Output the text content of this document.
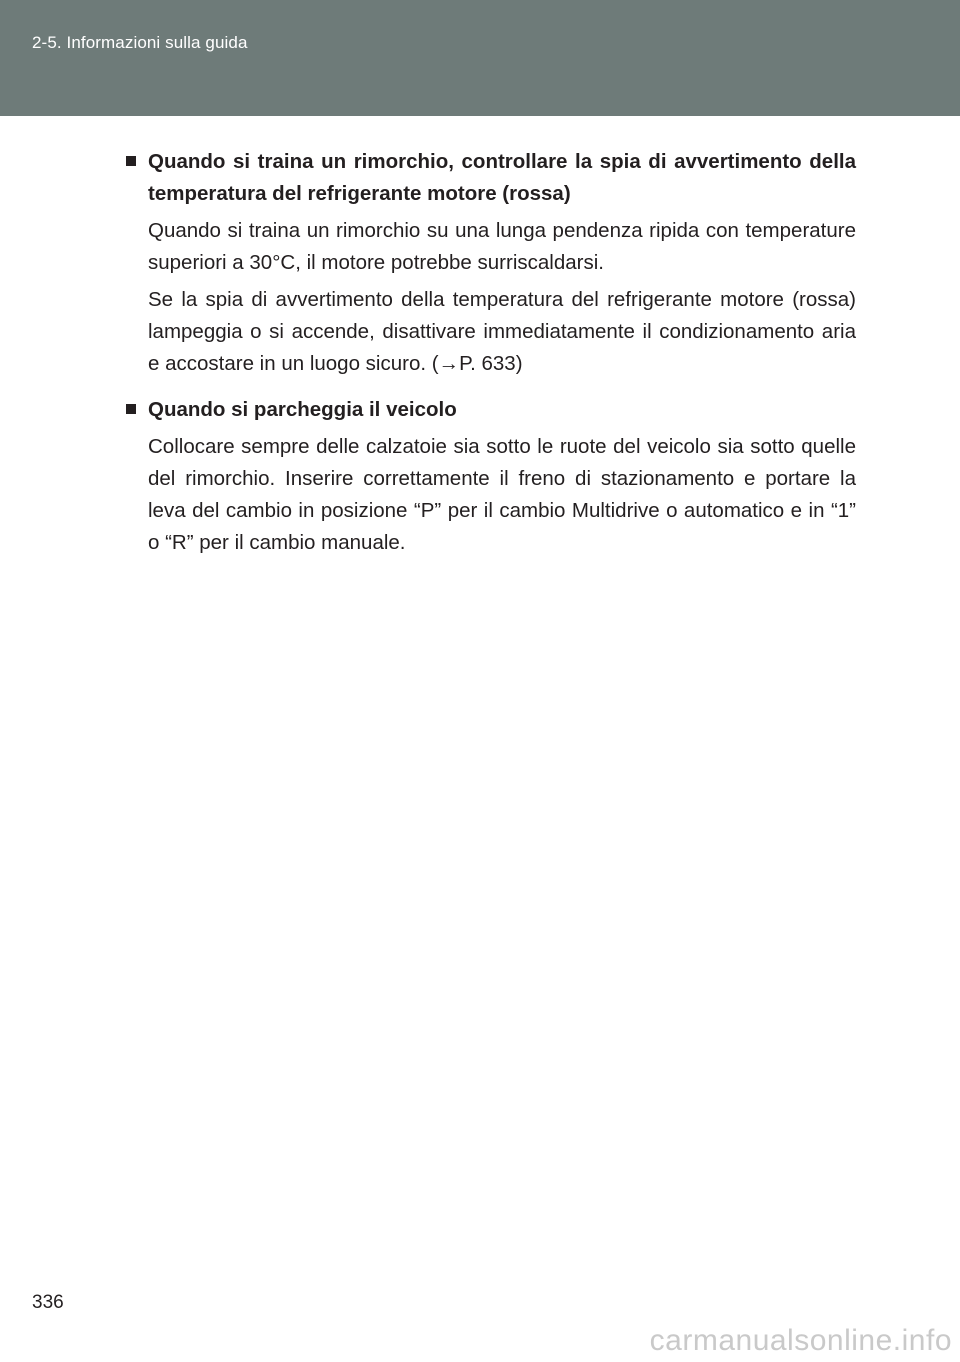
2-5. Informazioni sulla guida
Quando si traina un rimorchio, controllare la spia di avvertimento della temperatura del refrigerante motore (rossa)
Quando si traina un rimorchio su una lunga pendenza ripida con temperature superiori a 30°C, il motore potrebbe surriscaldarsi.
Se la spia di avvertimento della temperatura del refrigerante motore (rossa) lampeggia o si accende, disattivare immediatamente il condizionamento aria e accostare in un luogo sicuro. (→P. 633)
Quando si parcheggia il veicolo
Collocare sempre delle calzatoie sia sotto le ruote del veicolo sia sotto quelle del rimorchio. Inserire correttamente il freno di stazionamento e portare la leva del cambio in posizione “P” per il cambio Multidrive o automatico e in “1” o “R” per il cambio manuale.
336
carmanualsonline.info
